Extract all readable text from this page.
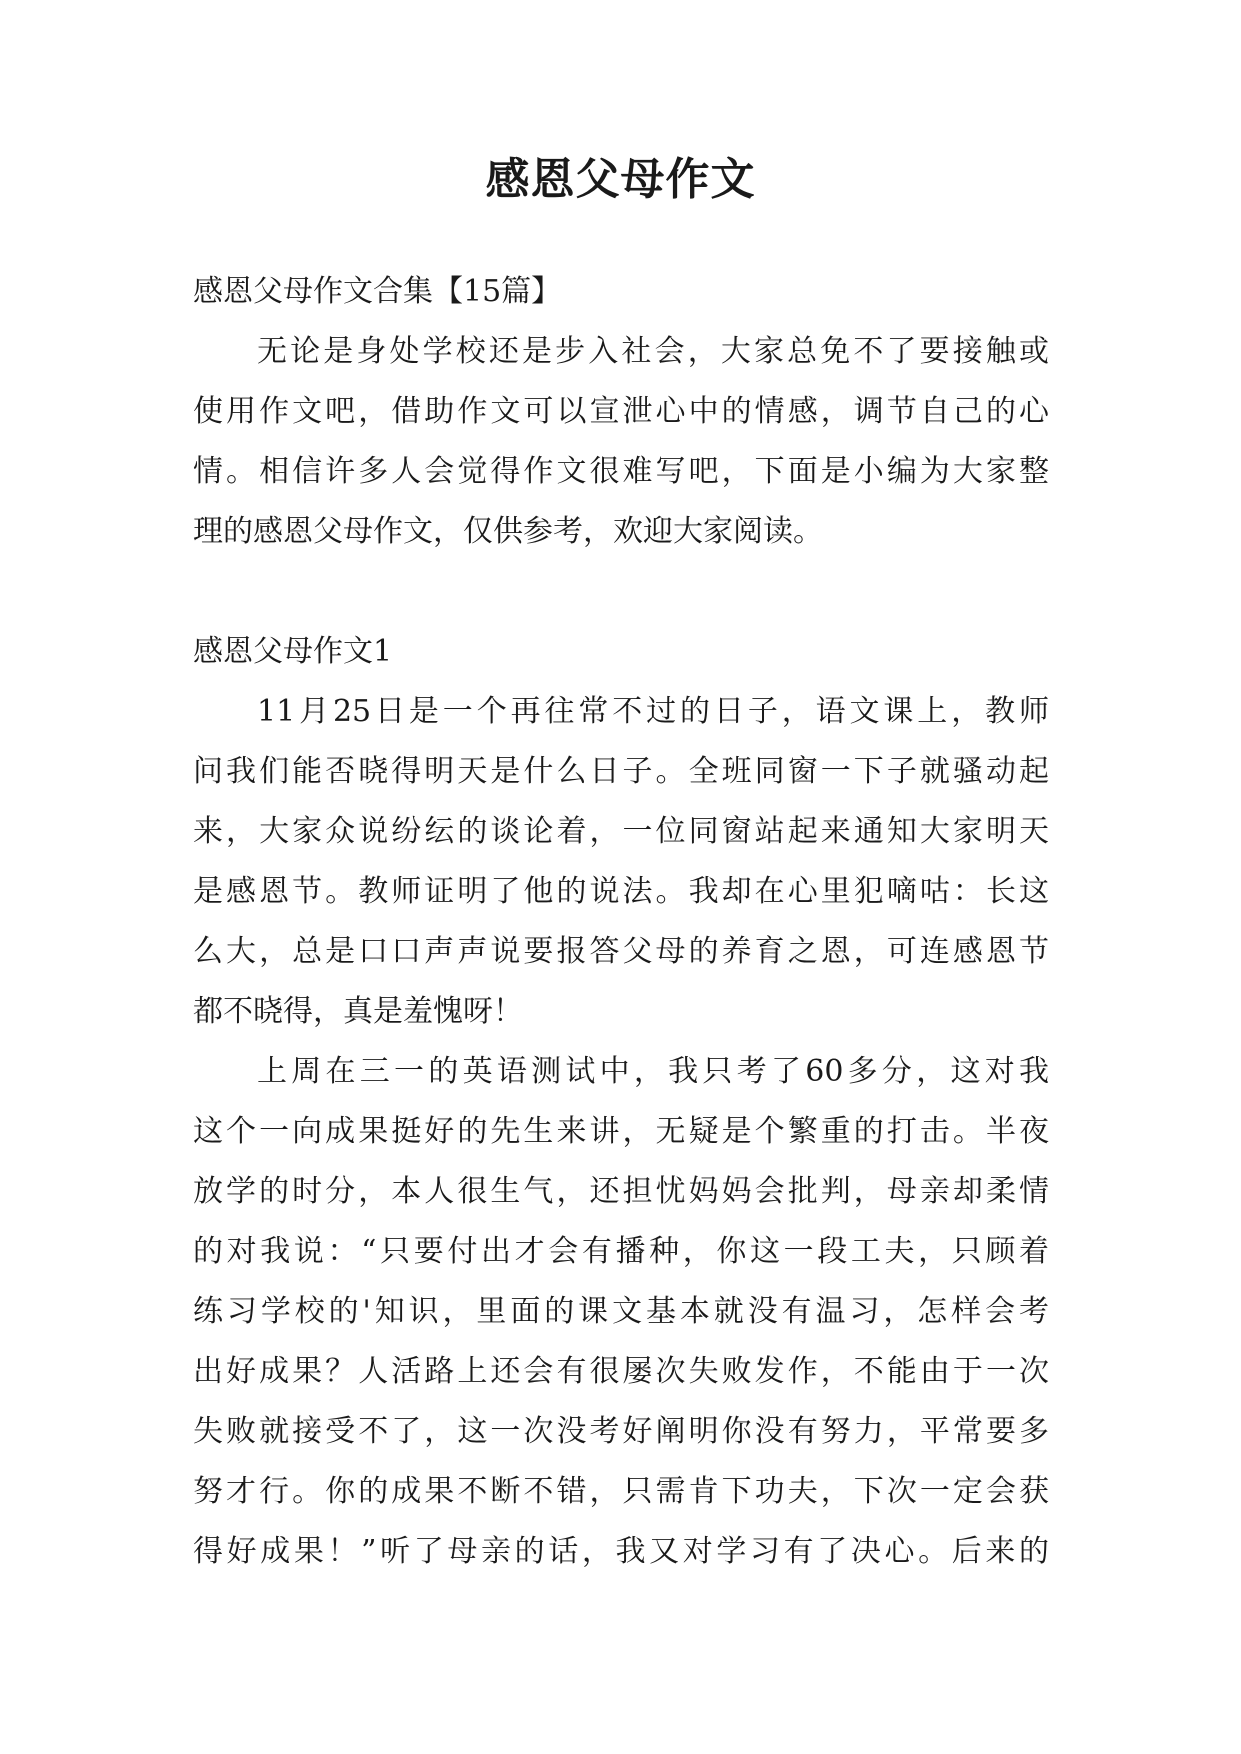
感恩父母作文
感恩父母作文合集【15篇】
无论是身处学校还是步入社会，大家总免不了要接触或
使用作文吧，借助作文可以宣泄心中的情感，调节自己的心
情。相信许多人会觉得作文很难写吧，下面是小编为大家整
理的感恩父母作文，仅供参考，欢迎大家阅读。
感恩父母作文1
11月25日是一个再往常不过的日子，语文课上，教师
问我们能否晓得明天是什么日子。全班同窗一下子就骚动起
来，大家众说纷纭的谈论着，一位同窗站起来通知大家明天
是感恩节。教师证明了他的说法。我却在心里犯嘀咕：长这
么大，总是口口声声说要报答父母的养育之恩，可连感恩节
都不晓得，真是羞愧呀！
上周在三一的英语测试中，我只考了60多分，这对我
这个一向成果挺好的先生来讲，无疑是个繁重的打击。半夜
放学的时分，本人很生气，还担忧妈妈会批判，母亲却柔情
的对我说：“只要付出才会有播种，你这一段工夫，只顾着
练习学校的'知识，里面的课文基本就没有温习，怎样会考
出好成果？人活路上还会有很屡次失败发作，不能由于一次
失败就接受不了，这一次没考好阐明你没有努力，平常要多
努才行。你的成果不断不错，只需肯下功夫，下次一定会获
得好成果！”听了母亲的话，我又对学习有了决心。后来的
